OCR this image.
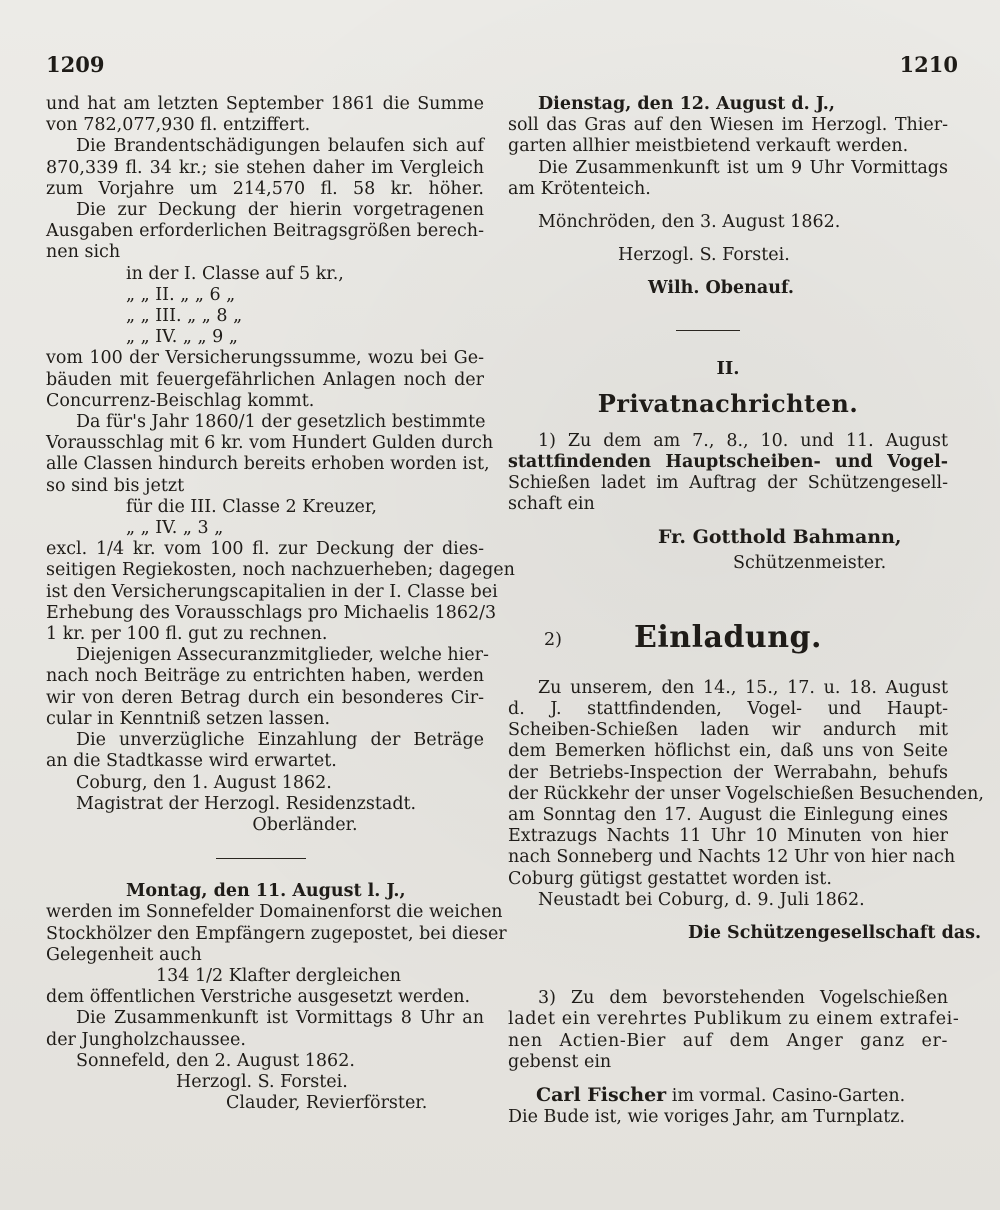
1209	1210
und hat am letzten September 1861 die Summe
von 782,077,930 fl. entziffert.
Die Brandentschädigungen belaufen sich auf
870,339 fl. 34 kr.; sie stehen daher im Vergleich
zum Vorjahre um 214,570 fl. 58 kr. höher.
Die zur Deckung der hierin vorgetragenen
Ausgaben erforderlichen Beitragsgrößen berech-
nen sich
in der I. Classe auf 5 kr.,
„ „ II. „ „ 6 „
„ „ III. „ „ 8 „
„ „ IV. „ „ 9 „
vom 100 der Versicherungssumme, wozu bei Ge-
bäuden mit feuergefährlichen Anlagen noch der
Concurrenz-Beischlag kommt.
Da für's Jahr 1860/1 der gesetzlich bestimmte
Vorausschlag mit 6 kr. vom Hundert Gulden durch
alle Classen hindurch bereits erhoben worden ist,
so sind bis jetzt
für die III. Classe 2 Kreuzer,
„ „ IV. „ 3 „
excl. 1/4 kr. vom 100 fl. zur Deckung der dies-
seitigen Regiekosten, noch nachzuerheben; dagegen
ist den Versicherungscapitalien in der I. Classe bei
Erhebung des Vorausschlags pro Michaelis 1862/3
1 kr. per 100 fl. gut zu rechnen.
Diejenigen Assecuranzmitglieder, welche hier-
nach noch Beiträge zu entrichten haben, werden
wir von deren Betrag durch ein besonderes Cir-
cular in Kenntniß setzen lassen.
Die unverzügliche Einzahlung der Beträge
an die Stadtkasse wird erwartet.
Coburg, den 1. August 1862.
Magistrat der Herzogl. Residenzstadt.
Oberländer.
Montag, den 11. August l. J.,
werden im Sonnefelder Domainenforst die weichen
Stockhölzer den Empfängern zugepostet, bei dieser
Gelegenheit auch
134 1/2 Klafter dergleichen
dem öffentlichen Verstriche ausgesetzt werden.
Die Zusammenkunft ist Vormittags 8 Uhr an
der Jungholzchaussee.
Sonnefeld, den 2. August 1862.
Herzogl. S. Forstei.
Clauder, Revierförster.
Dienstag, den 12. August d. J.,
soll das Gras auf den Wiesen im Herzogl. Thier-
garten allhier meistbietend verkauft werden.
Die Zusammenkunft ist um 9 Uhr Vormittags
am Krötenteich.
Mönchröden, den 3. August 1862.
Herzogl. S. Forstei.
Wilh. Obenauf.
II.
Privatnachrichten.
1) Zu dem am 7., 8., 10. und 11. August
stattfindenden Hauptscheiben- und Vogel-
Schießen ladet im Auftrag der Schützengesell-
schaft ein
Fr. Gotthold Bahmann,
Schützenmeister.
2)	Einladung.
Zu unserem, den 14., 15., 17. u. 18. August
d. J. stattfindenden, Vogel- und Haupt-
Scheiben-Schießen laden wir andurch mit
dem Bemerken höflichst ein, daß uns von Seite
der Betriebs-Inspection der Werrabahn, behufs
der Rückkehr der unser Vogelschießen Besuchenden,
am Sonntag den 17. August die Einlegung eines
Extrazugs Nachts 11 Uhr 10 Minuten von hier
nach Sonneberg und Nachts 12 Uhr von hier nach
Coburg gütigst gestattet worden ist.
Neustadt bei Coburg, d. 9. Juli 1862.
Die Schützengesellschaft das.
3) Zu dem bevorstehenden Vogelschießen
ladet ein verehrtes Publikum zu einem extrafei-
nen Actien-Bier auf dem Anger ganz er-
gebenst ein
Carl Fischer im vormal. Casino-Garten.
Die Bude ist, wie voriges Jahr, am Turnplatz.
